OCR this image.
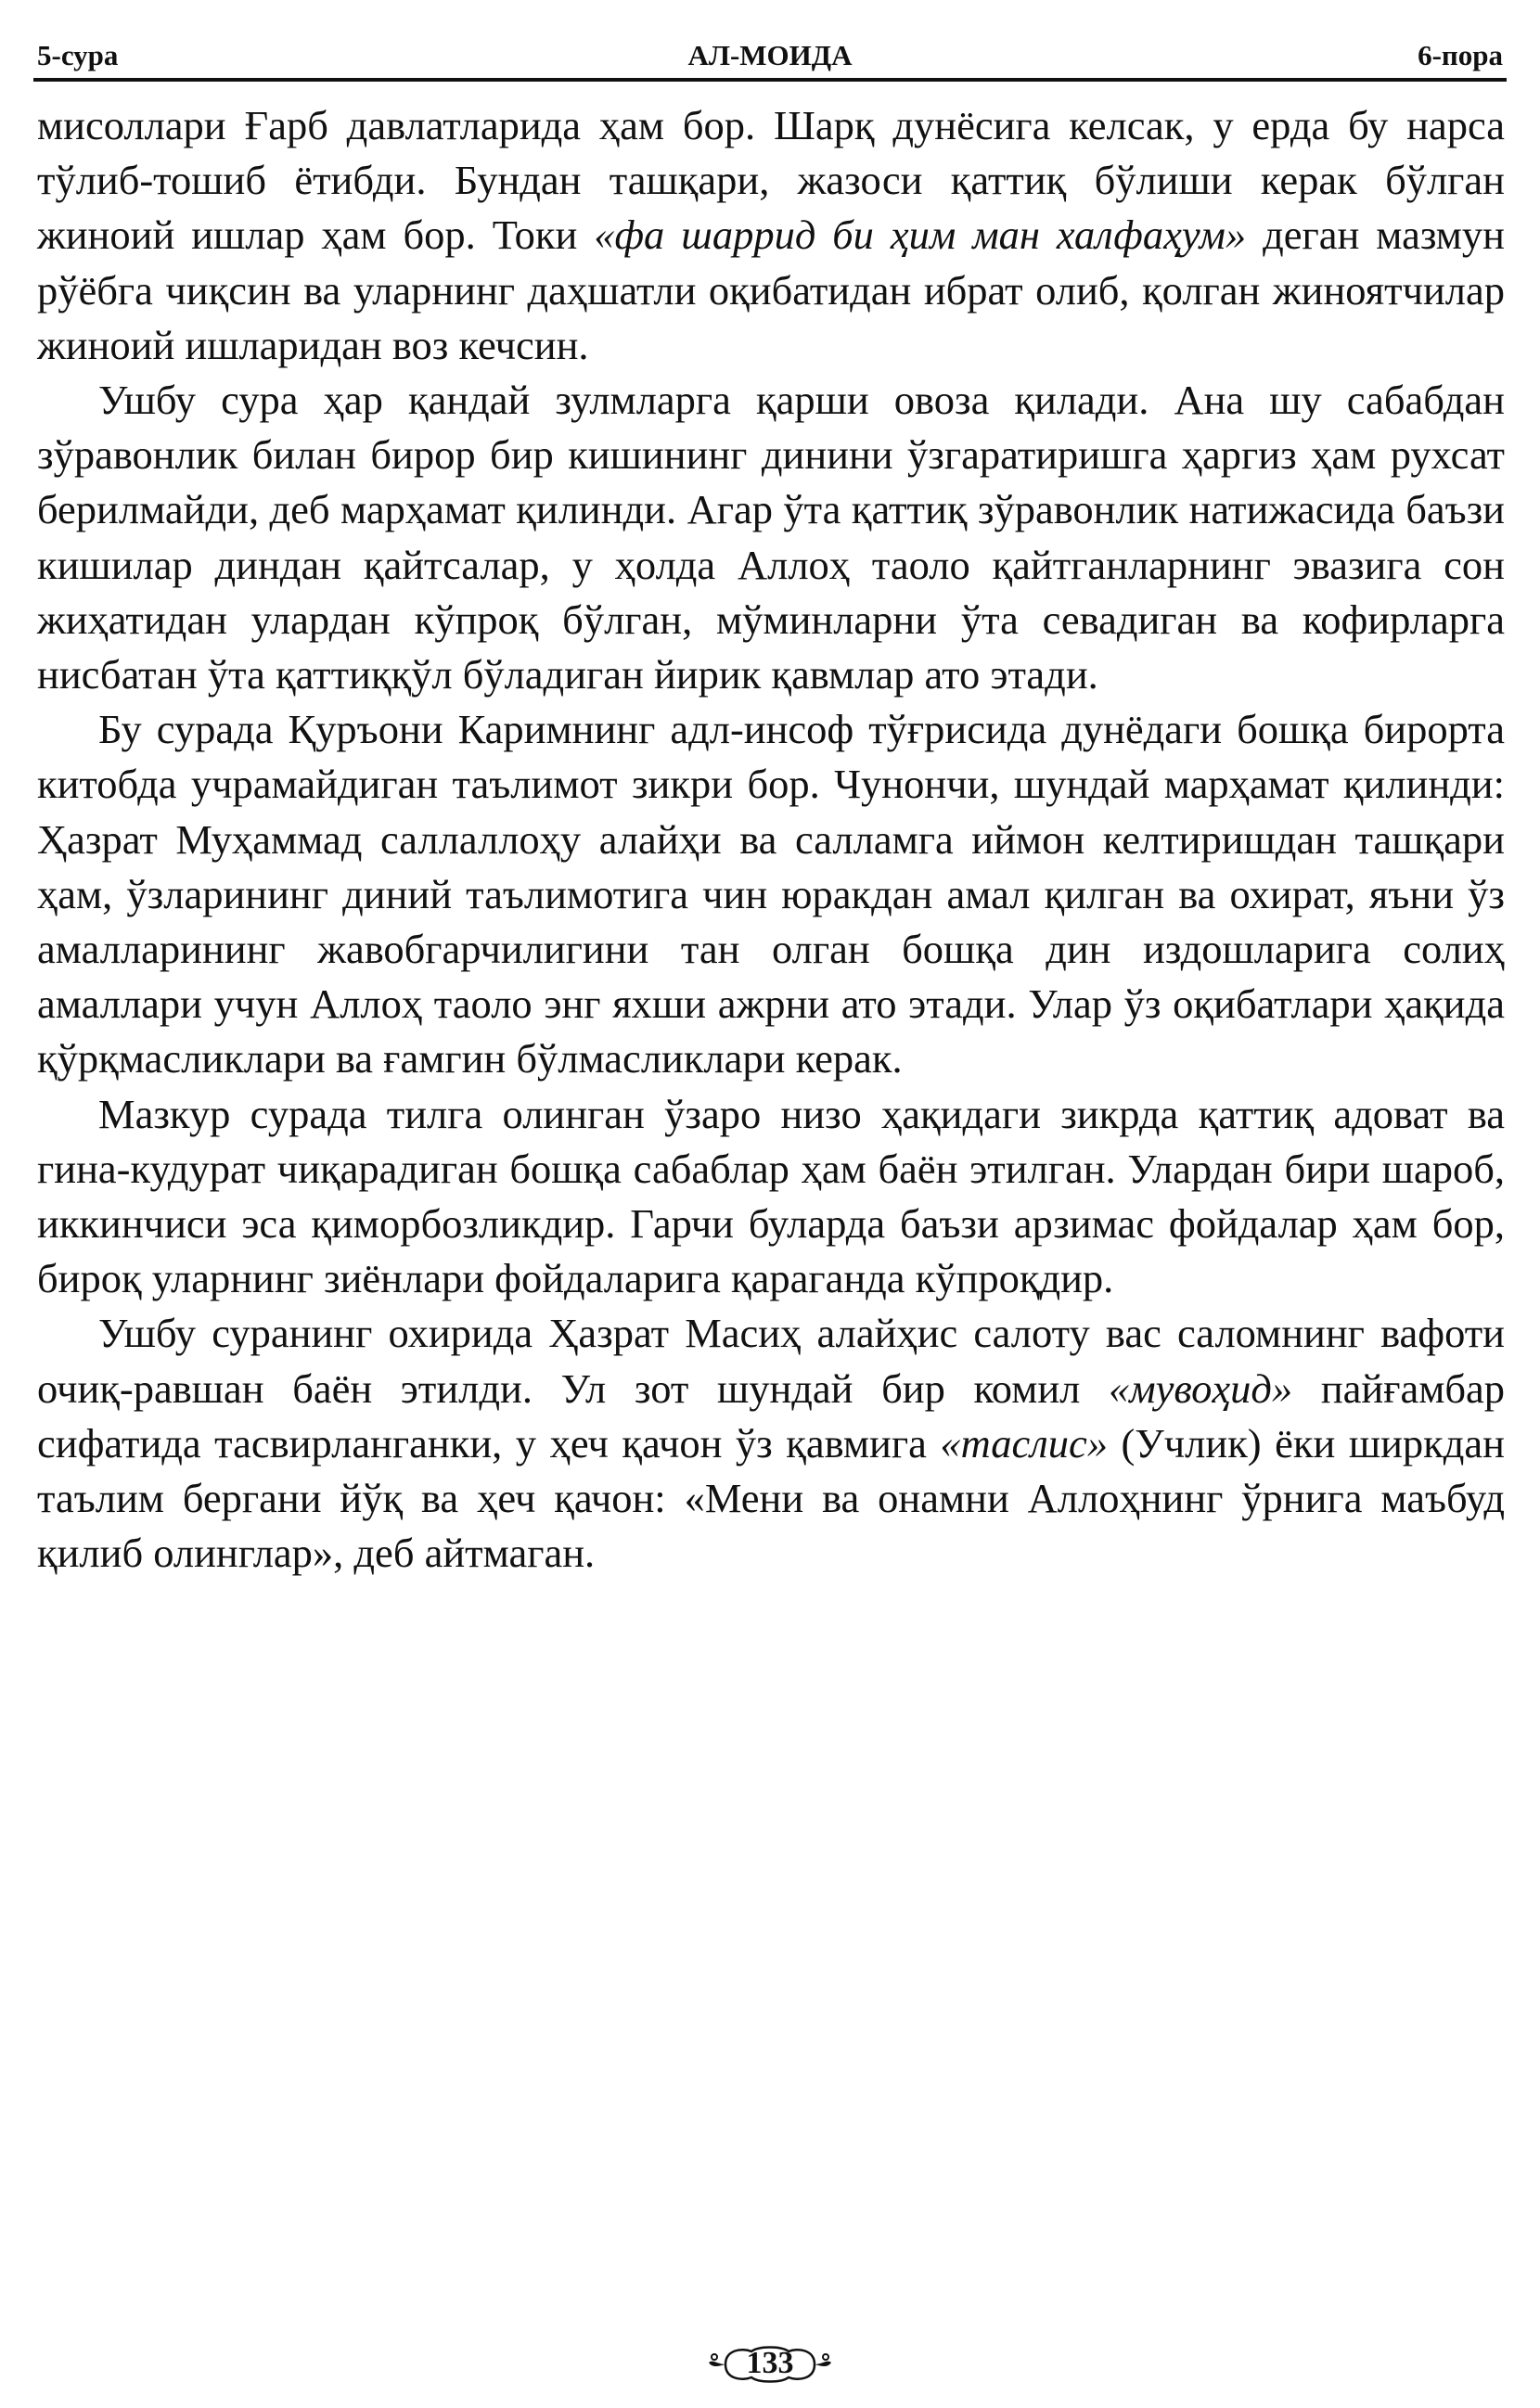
5-сура	АЛ-МОИДА	6-пора

мисоллари Ғарб давлатларида ҳам бор. Шарқ дунёсига келсак, у ерда бу нарса тўлиб-тошиб ётибди. Бундан ташқари, жазоси қаттиқ бўлиши керак бўлган жиноий ишлар ҳам бор. Токи «фа шаррид би ҳим ман халфаҳум» деган мазмун рўёбга чиқсин ва уларнинг даҳшатли оқибатидан ибрат олиб, қолган жиноятчилар жиноий ишларидан воз кечсин.

Ушбу сура ҳар қандай зулмларга қарши овоза қилади. Ана шу сабабдан зўравонлик билан бирор бир кишининг динини ўзгаратиришга ҳаргиз ҳам рухсат берилмайди, деб марҳамат қилинди. Агар ўта қаттиқ зўравонлик натижасида баъзи кишилар диндан қайтсалар, у ҳолда Аллоҳ таоло қайтганларнинг эвазига сон жиҳатидан улардан кўпроқ бўлган, мўминларни ўта севадиган ва кофирларга нисбатан ўта қаттиққўл бўладиган йирик қавмлар ато этади.

Бу сурада Қуръони Каримнинг адл-инсоф тўғрисида дунёдаги бошқа бирорта китобда учрамайдиган таълимот зикри бор. Чунончи, шундай марҳамат қилинди: Ҳазрат Муҳаммад саллаллоҳу алайҳи ва салламга иймон келтиришдан ташқари ҳам, ўзларининг диний таълимотига чин юракдан амал қилган ва охират, яъни ўз амалларининг жавобгарчилигини тан олган бошқа дин издошларига солиҳ амаллари учун Аллоҳ таоло энг яхши ажрни ато этади. Улар ўз оқибатлари ҳақида қўрқмасликлари ва ғамгин бўлмасликлари керак.

Мазкур сурада тилга олинган ўзаро низо ҳақидаги зикрда қаттиқ адоват ва гина-кудурат чиқарадиган бошқа сабаблар ҳам баён этилган. Улардан бири шароб, иккинчиси эса қиморбозликдир. Гарчи буларда баъзи арзимас фойдалар ҳам бор, бироқ уларнинг зиёнлари фойдаларига қараганда кўпроқдир.

Ушбу суранинг охирида Ҳазрат Масиҳ алайҳис салоту вас саломнинг вафоти очиқ-равшан баён этилди. Ул зот шундай бир комил «мувоҳид» пайғамбар сифатида тасвирланганки, у ҳеч қачон ўз қавмига «таслис» (Учлик) ёки ширкдан таълим бергани йўқ ва ҳеч қачон: «Мени ва онамни Аллоҳнинг ўрнига маъбуд қилиб олинглар», деб айтмаган.

133
